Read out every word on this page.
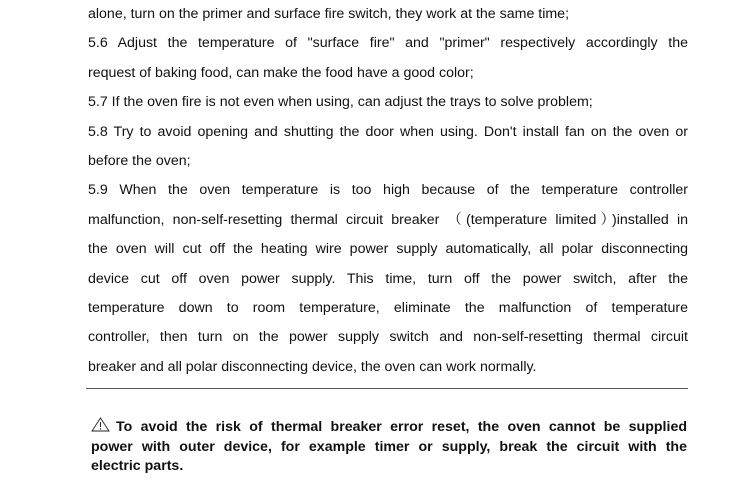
alone, turn on the primer and surface fire switch, they work at the same time;
5.6 Adjust the temperature of "surface fire" and "primer" respectively accordingly the
request of baking food, can make the food have a good color;
5.7 If the oven fire is not even when using, can adjust the trays to solve problem;
5.8 Try to avoid opening and shutting the door when using. Don't install fan on the oven or
before the oven;
5.9 When the oven temperature is too high because of the temperature controller
malfunction, non-self-resetting thermal circuit breaker （(temperature limited）)installed in
the oven will cut off the heating wire power supply automatically, all polar disconnecting
device cut off oven power supply. This time, turn off the power switch, after the
temperature down to room temperature, eliminate the malfunction of temperature
controller, then turn on the power supply switch and non-self-resetting thermal circuit
breaker and all polar disconnecting device, the oven can work normally.
To avoid the risk of thermal breaker error reset, the oven cannot be supplied
power with outer device, for example timer or supply, break the circuit with the
electric parts.
